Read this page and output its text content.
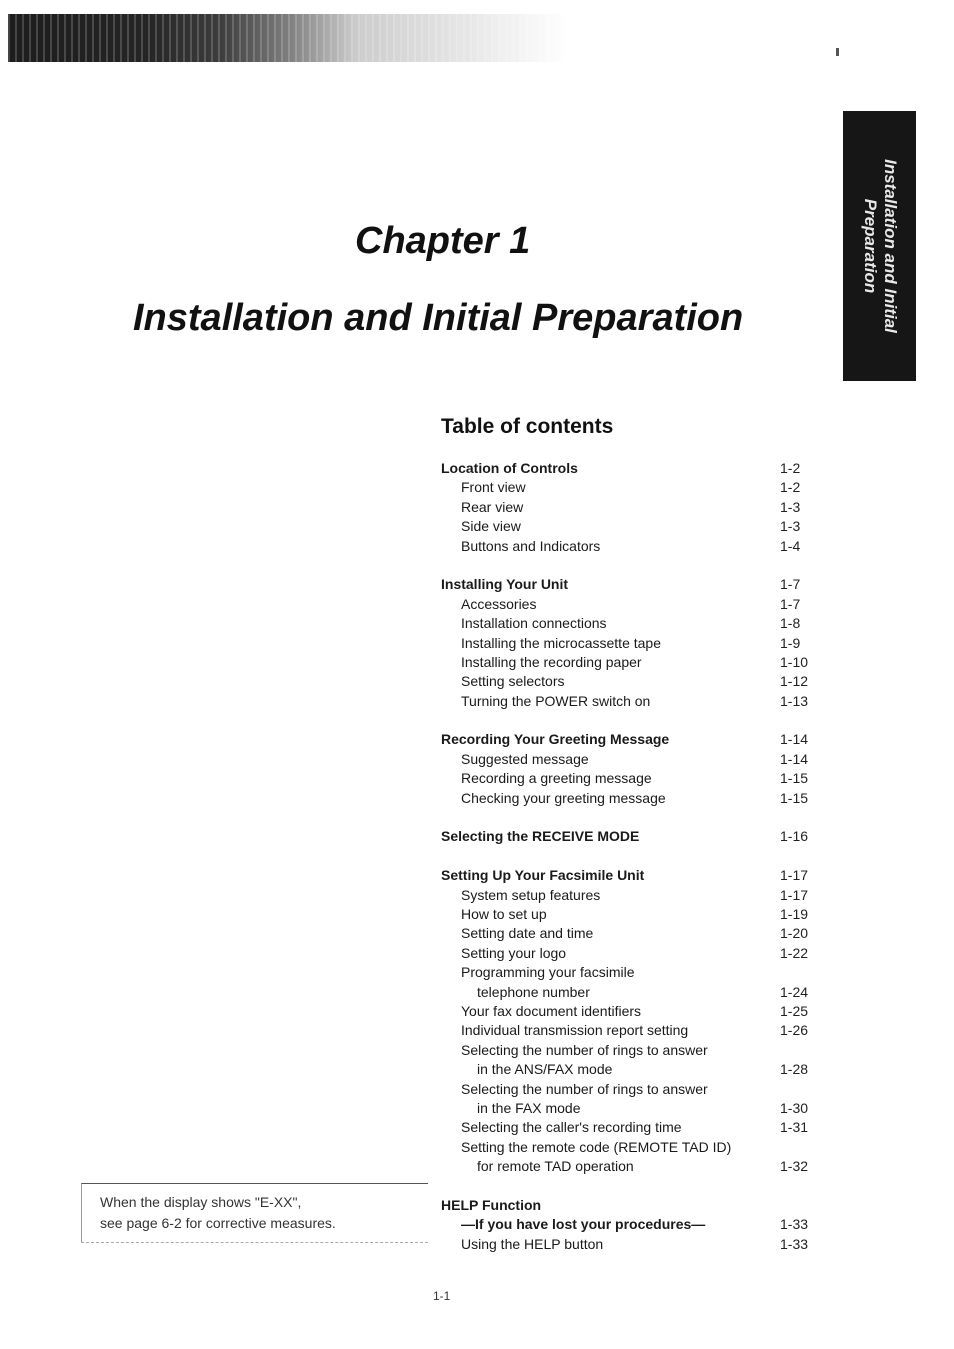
Installation and Initial
Preparation
Chapter 1
Installation and Initial Preparation
Table of contents
Location of Controls	1-2
Front view	1-2
Rear view	1-3
Side view	1-3
Buttons and Indicators	1-4
Installing Your Unit	1-7
Accessories	1-7
Installation connections	1-8
Installing the microcassette tape	1-9
Installing the recording paper	1-10
Setting selectors	1-12
Turning the POWER switch on	1-13
Recording Your Greeting Message	1-14
Suggested message	1-14
Recording a greeting message	1-15
Checking your greeting message	1-15
Selecting the RECEIVE MODE	1-16
Setting Up Your Facsimile Unit	1-17
System setup features	1-17
How to set up	1-19
Setting date and time	1-20
Setting your logo	1-22
Programming your facsimile
telephone number	1-24
Your fax document identifiers	1-25
Individual transmission report setting	1-26
Selecting the number of rings to answer
in the ANS/FAX mode	1-28
Selecting the number of rings to answer
in the FAX mode	1-30
Selecting the caller's recording time	1-31
Setting the remote code (REMOTE TAD ID)
for remote TAD operation	1-32
HELP Function
—If you have lost your procedures—	1-33
Using the HELP button	1-33
When the display shows "E-XX",
see page 6-2 for corrective measures.
1-1
